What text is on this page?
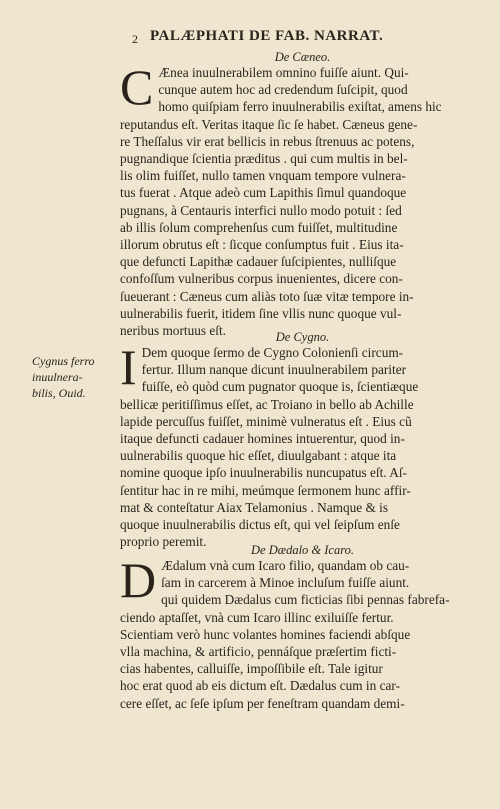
2 PALÆPHATI DE FAB. NARRAT.
De Cæneo.
C Ænea inuulnerabilem omnino fuiſſe aiunt. Qui-
cunque autem hoc ad credendum ſuſcipit, quod
homo quiſpiam ferro inuulnerabilis exiſtat, amens hic
reputandus eſt. Veritas itaque ſic ſe habet. Cæneus gene-
re Theſſalus vir erat bellicis in rebus ſtrenuus ac potens,
pugnandique ſcientia præditus . qui cum multis in bel-
lis olim fuiſſet, nullo tamen vnquam tempore vulnera-
tus fuerat . Atque adeò cum Lapithis ſimul quandoque
pugnans, à Centauris interfici nullo modo potuit : ſed
ab illis ſolum comprehenſus cum fuiſſet, multitudine
illorum obrutus eſt : ſicque conſumptus fuit . Eius ita-
que defuncti Lapithæ cadauer ſuſcipientes, nulliſque
confoſſum vulneribus corpus inuenientes, dicere con-
ſueuerant : Cæneus cum aliàs toto ſuæ vitæ tempore in-
uulnerabilis fuerit, itidem ſine vllis nunc quoque vul-
neribus mortuus eſt.
Cygnus ferro
inuulnera-
bilis, Ouid.
De Cygno.
I Dem quoque ſermo de Cygno Colonienſi circum-
fertur. Illum nanque dicunt inuulnerabilem pariter
fuiſſe, eò quòd cum pugnator quoque is, ſcientiæque
bellicæ peritiſſimus eſſet, ac Troiano in bello ab Achille
lapide percuſſus fuiſſet, minimè vulneratus eſt . Eius cũ
itaque defuncti cadauer homines intuerentur, quod in-
uulnerabilis quoque hic eſſet, diuulgabant : atque ita
nomine quoque ipſo inuulnerabilis nuncupatus eſt. Aſ-
ſentitur hac in re mihi, meúmque ſermonem hunc affir-
mat & conteſtatur Aiax Telamonius . Namque & is
quoque inuulnerabilis dictus eſt, qui vel ſeipſum enſe
proprio peremit.
De Dædalo & Icaro.
D Ædalum vnà cum Icaro filio, quandam ob cau-
ſam in carcerem à Minoe incluſum fuiſſe aiunt.
qui quidem Dædalus cum ficticias ſibi pennas fabrefa-
ciendo aptaſſet, vnà cum Icaro illinc exiluiſſe fertur.
Scientiam verò hunc volantes homines faciendi abſque
vlla machina, & artificio, pennáſque præſertim ficti-
cias habentes, calluiſſe, impoſſibile eſt. Tale igitur
hoc erat quod ab eis dictum eſt. Dædalus cum in car-
cere eſſet, ac ſeſe ipſum per feneſtram quandam demi-
